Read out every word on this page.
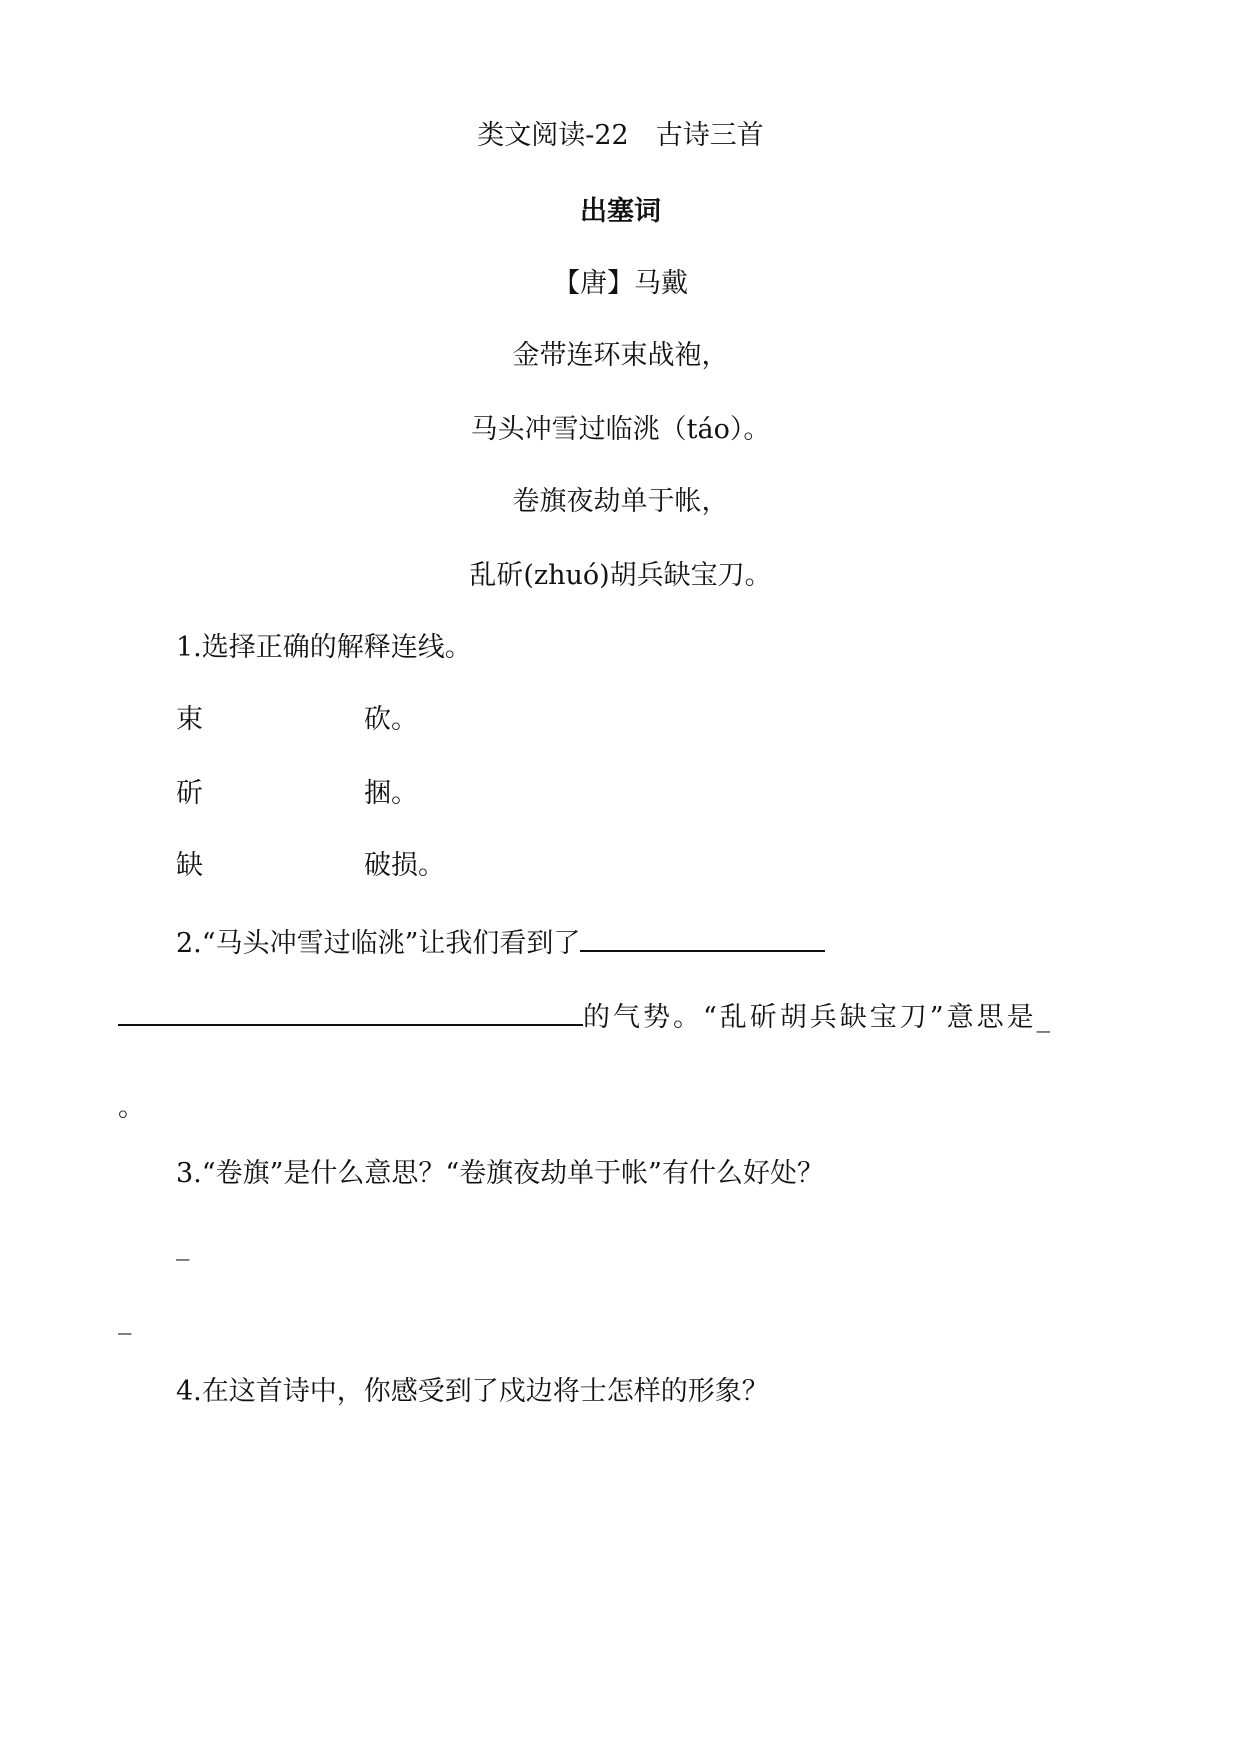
类文阅读-22　古诗三首
出塞词
【唐】马戴
金带连环束战袍，
马头冲雪过临洮（táo）。
卷旗夜劫单于帐，
乱斫(zhuó)胡兵缺宝刀。
1.选择正确的解释连线。
束	砍。
斫	捆。
缺	破损。
2.“马头冲雪过临洮”让我们看到了
的气势。“乱斫胡兵缺宝刀”意思是_
。
3.“卷旗”是什么意思？“卷旗夜劫单于帐”有什么好处？
_
_
4.在这首诗中，你感受到了戍边将士怎样的形象？
